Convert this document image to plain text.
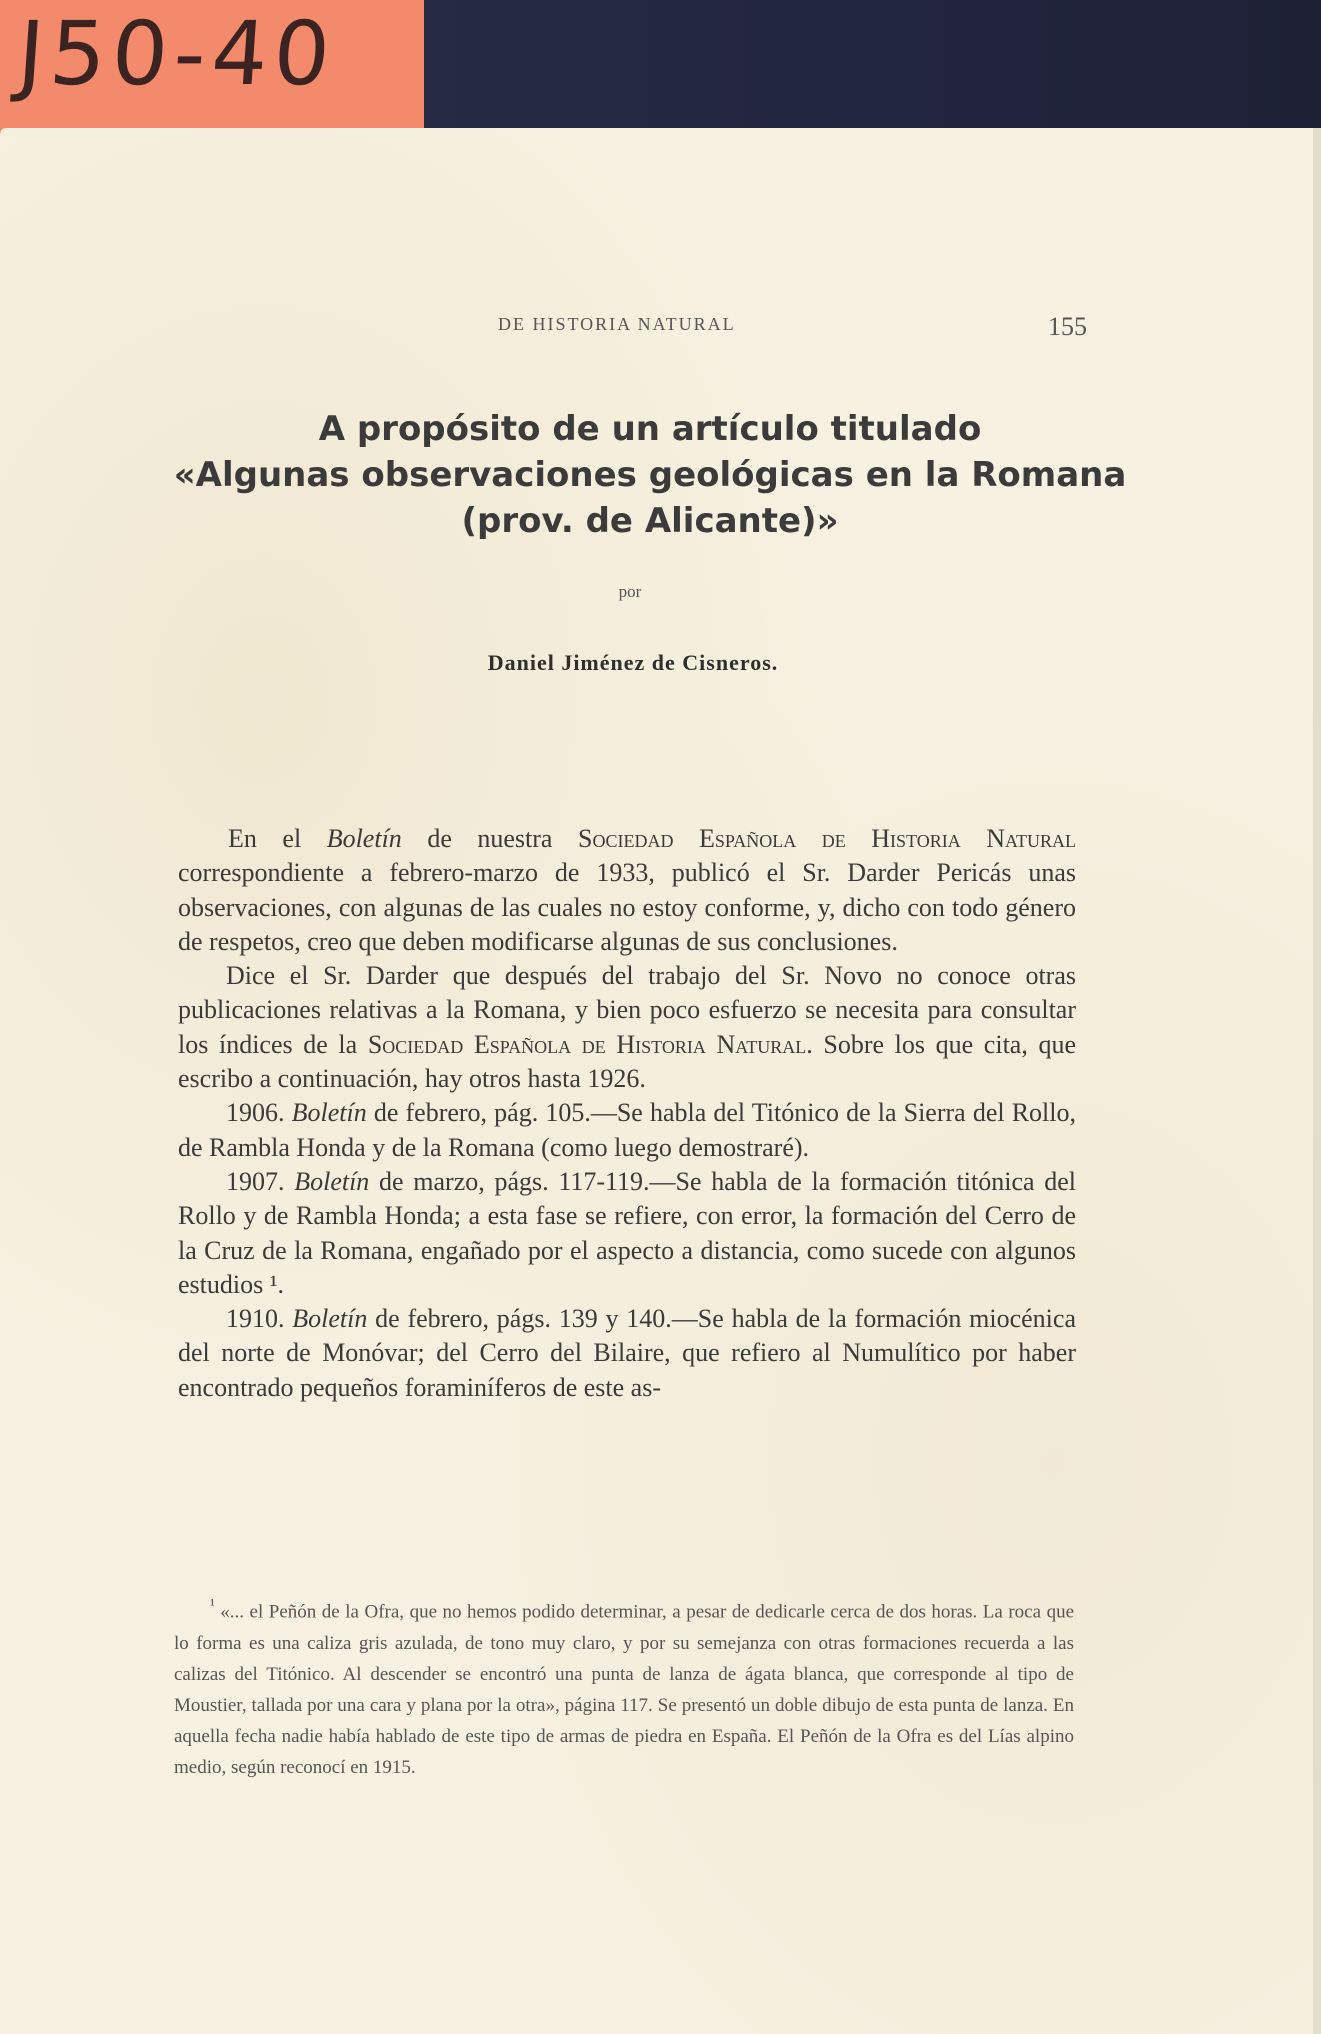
J50-40
DE HISTORIA NATURAL	155
A propósito de un artículo titulado
«Algunas observaciones geológicas en la Romana
(prov. de Alicante)»
por
Daniel Jiménez de Cisneros.

En el Boletín de nuestra Sociedad Española de Historia Natural correspondiente a febrero-marzo de 1933, publicó el Sr. Darder Pericás unas observaciones, con algunas de las cuales no estoy conforme, y, dicho con todo género de respetos, creo que deben modificarse algunas de sus conclusiones.

Dice el Sr. Darder que después del trabajo del Sr. Novo no conoce otras publicaciones relativas a la Romana, y bien poco esfuerzo se necesita para consultar los índices de la Sociedad Española de Historia Natural. Sobre los que cita, que escribo a continuación, hay otros hasta 1926.

1906. Boletín de febrero, pág. 105.—Se habla del Titónico de la Sierra del Rollo, de Rambla Honda y de la Romana (como luego demostraré).

1907. Boletín de marzo, págs. 117-119.—Se habla de la formación titónica del Rollo y de Rambla Honda; a esta fase se refiere, con error, la formación del Cerro de la Cruz de la Romana, engañado por el aspecto a distancia, como sucede con algunos estudios ¹.

1910. Boletín de febrero, págs. 139 y 140.—Se habla de la formación miocénica del norte de Monóvar; del Cerro del Bilaire, que refiero al Numulítico por haber encontrado pequeños foraminíferos de este as-

$^{^1}$ «... el Peñón de la Ofra, que no hemos podido determinar, a pesar de dedicarle cerca de dos horas. La roca que lo forma es una caliza gris azulada, de tono muy claro, y por su semejanza con otras formaciones recuerda a las calizas del Titónico. Al descender se encontró una punta de lanza de ágata blanca, que corresponde al tipo de Moustier, tallada por una cara y plana por la otra», página 117. Se presentó un doble dibujo de esta punta de lanza. En aquella fecha nadie había hablado de este tipo de armas de piedra en España. El Peñón de la Ofra es del Lías alpino medio, según reconocí en 1915.
